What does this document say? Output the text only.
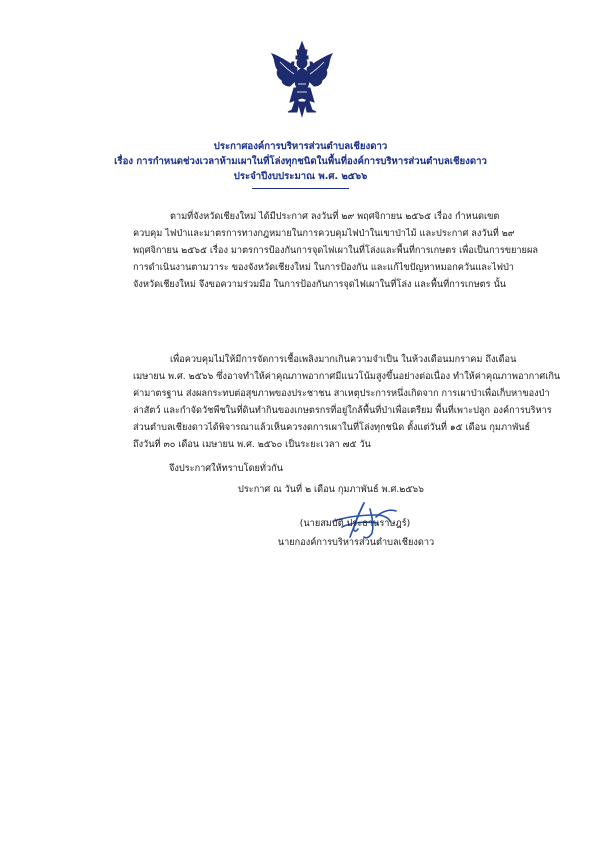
ประกาศองค์การบริหารส่วนตำบลเชียงดาว
เรื่อง การกำหนดช่วงเวลาห้ามเผาในที่โล่งทุกชนิดในพื้นที่องค์การบริหารส่วนตำบลเชียงดาว
ประจำปีงบประมาณ พ.ศ. ๒๕๖๖
ตามที่จังหวัดเชียงใหม่ ได้มีประกาศ ลงวันที่ ๒๙ พฤศจิกายน ๒๕๖๕ เรื่อง กำหนดเขต
ควบคุม ไฟป่าและมาตรการทางกฎหมายในการควบคุมไฟป่าในเขาป่าไม้ และประกาศ ลงวันที่ ๒๙
พฤศจิกายน ๒๕๖๕ เรื่อง มาตรการป้องกันการจุดไฟเผาในที่โล่งและพื้นที่การเกษตร เพื่อเป็นการขยายผล
การดำเนินงานตามวาระ ของจังหวัดเชียงใหม่ ในการป้องกัน และแก้ไขปัญหาหมอกควันและไฟป่า
จังหวัดเชียงใหม่ จึงขอความร่วมมือ ในการป้องกันการจุดไฟเผาในที่โล่ง และพื้นที่การเกษตร นั้น
เพื่อควบคุมไม่ให้มีการจัดการเชื้อเพลิงมากเกินความจำเป็น ในห้วงเดือนมกราคม ถึงเดือน
เมษายน พ.ศ. ๒๕๖๖ ซึ่งอาจทำให้ค่าคุณภาพอากาศมีแนวโน้มสูงขึ้นอย่างต่อเนื่อง ทำให้ค่าคุณภาพอากาศเกิน
ค่ามาตรฐาน ส่งผลกระทบต่อสุขภาพของประชาชน สาเหตุประการหนึ่งเกิดจาก การเผาป่าเพื่อเก็บหาของป่า
ล่าสัตว์ และกำจัดวัชพืชในที่ดินทำกินของเกษตรกรที่อยู่ใกล้พื้นที่ป่าเพื่อเตรียม พื้นที่เพาะปลูก องค์การบริหาร
ส่วนตำบลเชียงดาวได้พิจารณาแล้วเห็นควรงดการเผาในที่โล่งทุกชนิด ตั้งแต่วันที่ ๑๕ เดือน กุมภาพันธ์
ถึงวันที่ ๓๐ เดือน เมษายน พ.ศ. ๒๕๖๐ เป็นระยะเวลา ๗๕ วัน
จึงประกาศให้ทราบโดยทั่วกัน
ประกาศ ณ วันที่ ๒ เดือน กุมภาพันธ์ พ.ศ.๒๕๖๖
(นายสมบัติ ประธานราษฎร์)
นายกองค์การบริหารส่วนตำบลเชียงดาว
